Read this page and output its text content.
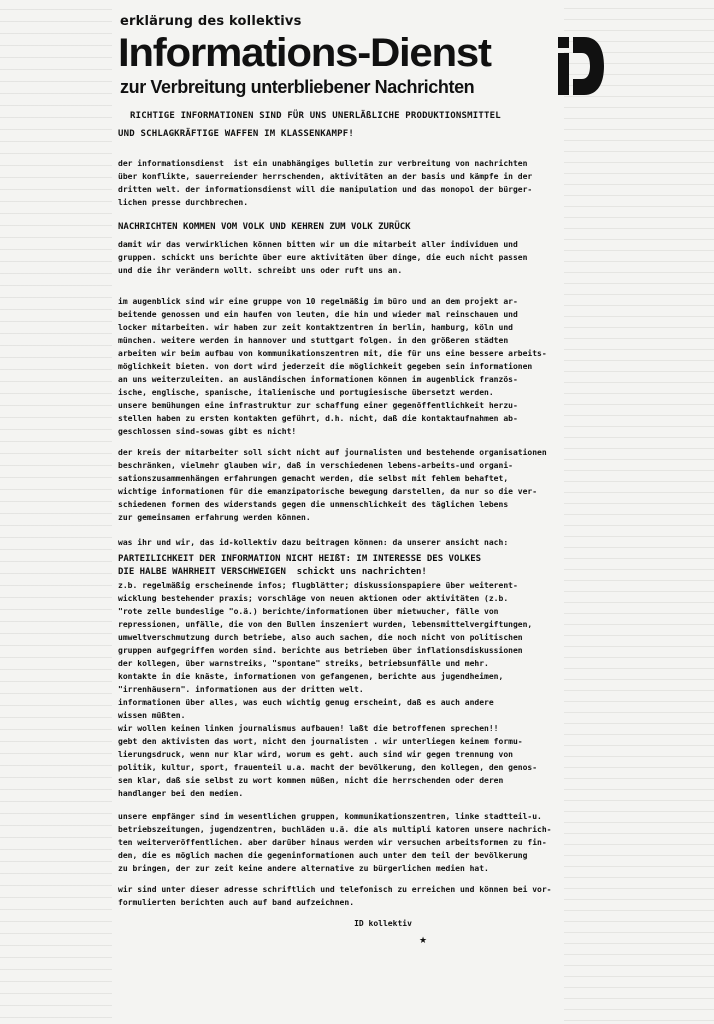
erklärung des kollektivs
Informations-Dienst
zur Verbreitung unterbliebener Nachrichten
RICHTIGE INFORMATIONEN SIND FÜR UNS UNERLÄßLICHE PRODUKTIONSMITTEL
UND SCHLAGKRÄFTIGE WAFFEN IM KLASSENKAMPF!

der informationsdienst  ist ein unabhängiges bulletin zur verbreitung von nachrichten
über konflikte, sauerreiender herrschenden, aktivitäten an der basis und kämpfe in der
dritten welt. der informationsdienst will die manipulation und das monopol der bürger-
lichen presse durchbrechen.

NACHRICHTEN KOMMEN VOM VOLK UND KEHREN ZUM VOLK ZURÜCK

damit wir das verwirklichen können bitten wir um die mitarbeit aller individuen und
gruppen. schickt uns berichte über eure aktivitäten über dinge, die euch nicht passen
und die ihr verändern wollt. schreibt uns oder ruft uns an.

im augenblick sind wir eine gruppe von 10 regelmäßig im büro und an dem projekt ar-
beitende genossen und ein haufen von leuten, die hin und wieder mal reinschauen und
locker mitarbeiten. wir haben zur zeit kontaktzentren in berlin, hamburg, köln und
münchen. weitere werden in hannover und stuttgart folgen. in den größeren städten
arbeiten wir beim aufbau von kommunikationszentren mit, die für uns eine bessere arbeits-
möglichkeit bieten. von dort wird jederzeit die möglichkeit gegeben sein informationen
an uns weiterzuleiten. an ausländischen informationen können im augenblick französ-
ische, englische, spanische, italienische und portugiesische übersetzt werden.
unsere bemühungen eine infrastruktur zur schaffung einer gegenöffentlichkeit herzu-
stellen haben zu ersten kontakten geführt, d.h. nicht, daß die kontaktaufnahmen ab-
geschlossen sind-sowas gibt es nicht!

der kreis der mitarbeiter soll sicht nicht auf journalisten und bestehende organisationen
beschränken, vielmehr glauben wir, daß in verschiedenen lebens-arbeits-und organi-
sationszusammenhängen erfahrungen gemacht werden, die selbst mit fehlem behaftet,
wichtige informationen für die emanzipatorische bewegung darstellen, da nur so die ver-
schiedenen formen des widerstands gegen die unmenschlichkeit des täglichen lebens
zur gemeinsamen erfahrung werden können.

was ihr und wir, das id-kollektiv dazu beitragen können: da unserer ansicht nach:

PARTEILICHKEIT DER INFORMATION NICHT HEIßT: IM INTERESSE DES VOLKES
DIE HALBE WAHRHEIT VERSCHWEIGEN  schickt uns nachrichten!

z.b. regelmäßig erscheinende infos; flugblätter; diskussionspapiere über weiterent-
wicklung bestehender praxis; vorschläge von neuen aktionen oder aktivitäten (z.b.
"rote zelle bundeslige "o.ä.) berichte/informationen über mietwucher, fälle von
repressionen, unfälle, die von den Bullen inszeniert wurden, lebensmittelvergiftungen,
umweltverschmutzung durch betriebe, also auch sachen, die noch nicht von politischen
gruppen aufgegriffen worden sind. berichte aus betrieben über inflationsdiskussionen
der kollegen, über warnstreiks, "spontane" streiks, betriebsunfälle und mehr.
kontakte in die knäste, informationen von gefangenen, berichte aus jugendheimen,
"irrenhäusern". informationen aus der dritten welt.
informationen über alles, was euch wichtig genug erscheint, daß es auch andere
wissen müßten.
wir wollen keinen linken journalismus aufbauen! laßt die betroffenen sprechen!!
gebt den aktivisten das wort, nicht den journalisten . wir unterliegen keinem formu-
lierungsdruck, wenn nur klar wird, worum es geht. auch sind wir gegen trennung von
politik, kultur, sport, frauenteil u.a. macht der bevölkerung, den kollegen, den genos-
sen klar, daß sie selbst zu wort kommen müßen, nicht die herrschenden oder deren
handlanger bei den medien.

unsere empfänger sind im wesentlichen gruppen, kommunikationszentren, linke stadtteil-u.
betriebszeitungen, jugendzentren, buchläden u.ä. die als multipli katoren unsere nachrich-
ten weiterveröffentlichen. aber darüber hinaus werden wir versuchen arbeitsformen zu fin-
den, die es möglich machen die gegeninformationen auch unter dem teil der bevölkerung
zu bringen, der zur zeit keine andere alternative zu bürgerlichen medien hat.

wir sind unter dieser adresse schriftlich und telefonisch zu erreichen und können bei vor-
formulierten berichten auch auf band aufzeichnen.

ID kollektiv
★
